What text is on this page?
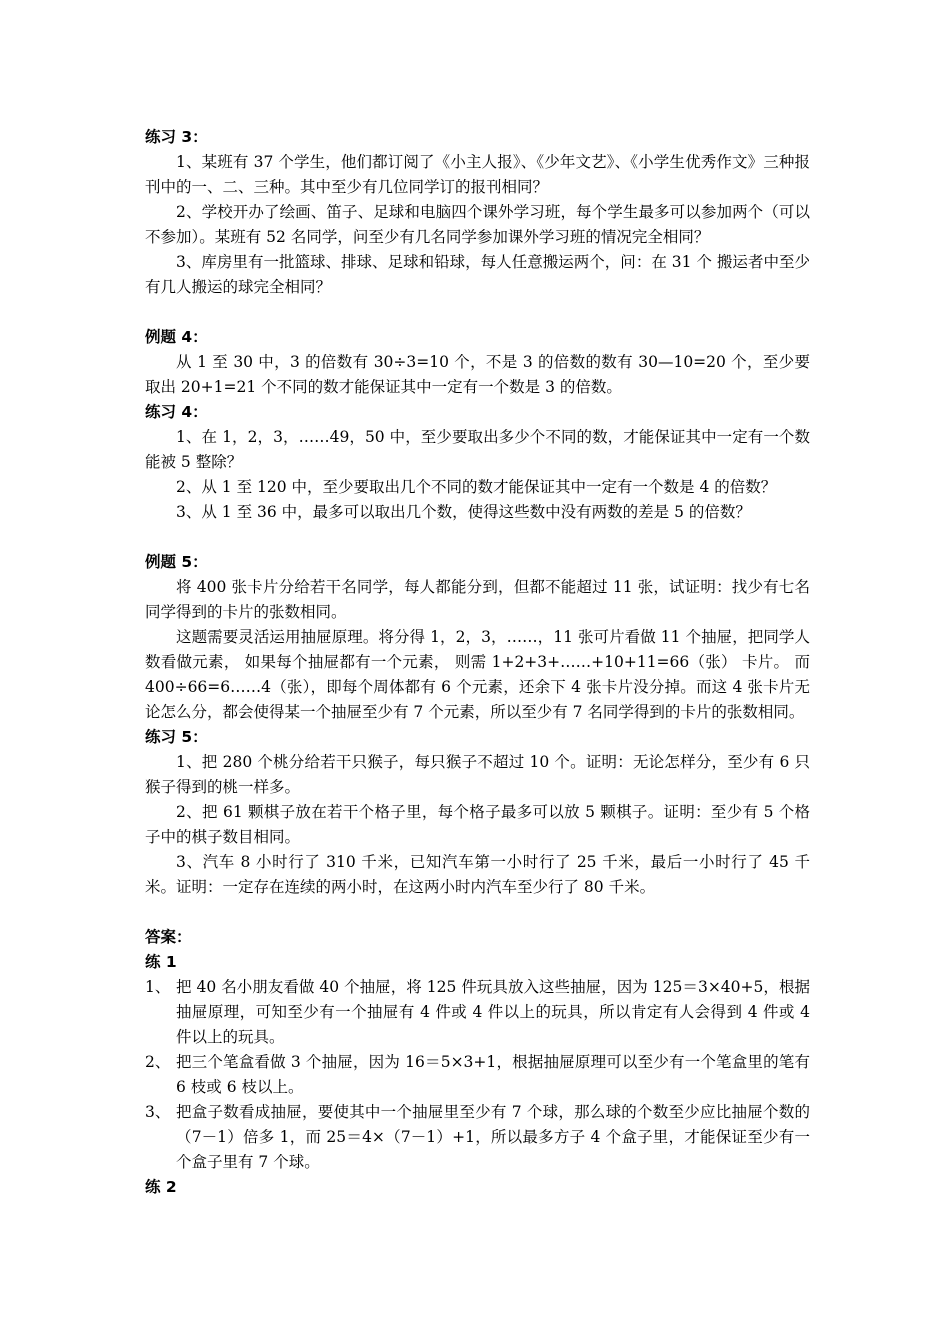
练习 3：

1、某班有 37 个学生，他们都订阅了《小主人报》、《少年文艺》、《小学生优秀作文》三种报刊中的一、二、三种。其中至少有几位同学订的报刊相同？

2、学校开办了绘画、笛子、足球和电脑四个课外学习班，每个学生最多可以参加两个（可以不参加）。某班有 52 名同学，问至少有几名同学参加课外学习班的情况完全相同？

3、库房里有一批篮球、排球、足球和铅球，每人任意搬运两个，问：在 31 个 搬运者中至少有几人搬运的球完全相同？

例题 4：

从 1 至 30 中，3 的倍数有 30÷3=10 个，不是 3 的倍数的数有 30—10=20 个，至少要取出 20+1=21 个不同的数才能保证其中一定有一个数是 3 的倍数。

练习 4：

1、在 1，2，3，……49，50 中，至少要取出多少个不同的数，才能保证其中一定有一个数能被 5 整除？

2、从 1 至 120 中，至少要取出几个不同的数才能保证其中一定有一个数是 4 的倍数？

3、从 1 至 36 中，最多可以取出几个数，使得这些数中没有两数的差是 5 的倍数？

例题 5：

将 400 张卡片分给若干名同学，每人都能分到，但都不能超过 11 张，试证明：找少有七名同学得到的卡片的张数相同。

这题需要灵活运用抽屉原理。将分得 1，2，3，……，11 张可片看做 11 个抽屉，把同学人数看做元素， 如果每个抽屉都有一个元素， 则需 1+2+3+……+10+11=66（张） 卡片。 而 400÷66=6……4（张），即每个周体都有 6 个元素，还余下 4 张卡片没分掉。而这 4 张卡片无论怎么分，都会使得某一个抽屉至少有 7 个元素，所以至少有 7 名同学得到的卡片的张数相同。

练习 5：

1、把 280 个桃分给若干只猴子，每只猴子不超过 10 个。证明：无论怎样分，至少有 6 只猴子得到的桃一样多。

2、把 61 颗棋子放在若干个格子里，每个格子最多可以放 5 颗棋子。证明：至少有 5 个格子中的棋子数目相同。

3、汽车 8 小时行了 310 千米，已知汽车第一小时行了 25 千米，最后一小时行了 45 千米。证明：一定存在连续的两小时，在这两小时内汽车至少行了 80 千米。

答案：

练 1

1、 把 40 名小朋友看做 40 个抽屉，将 125 件玩具放入这些抽屉，因为 125＝3×40+5，根据抽屉原理，可知至少有一个抽屉有 4 件或 4 件以上的玩具，所以肯定有人会得到 4 件或 4 件以上的玩具。
2、 把三个笔盒看做 3 个抽屉，因为 16＝5×3+1，根据抽屉原理可以至少有一个笔盒里的笔有 6 枝或 6 枝以上。
3、 把盒子数看成抽屉，要使其中一个抽屉里至少有 7 个球，那么球的个数至少应比抽屉个数的（7－1）倍多 1，而 25＝4×（7－1）+1，所以最多方子 4 个盒子里，才能保证至少有一个盒子里有 7 个球。

练 2
